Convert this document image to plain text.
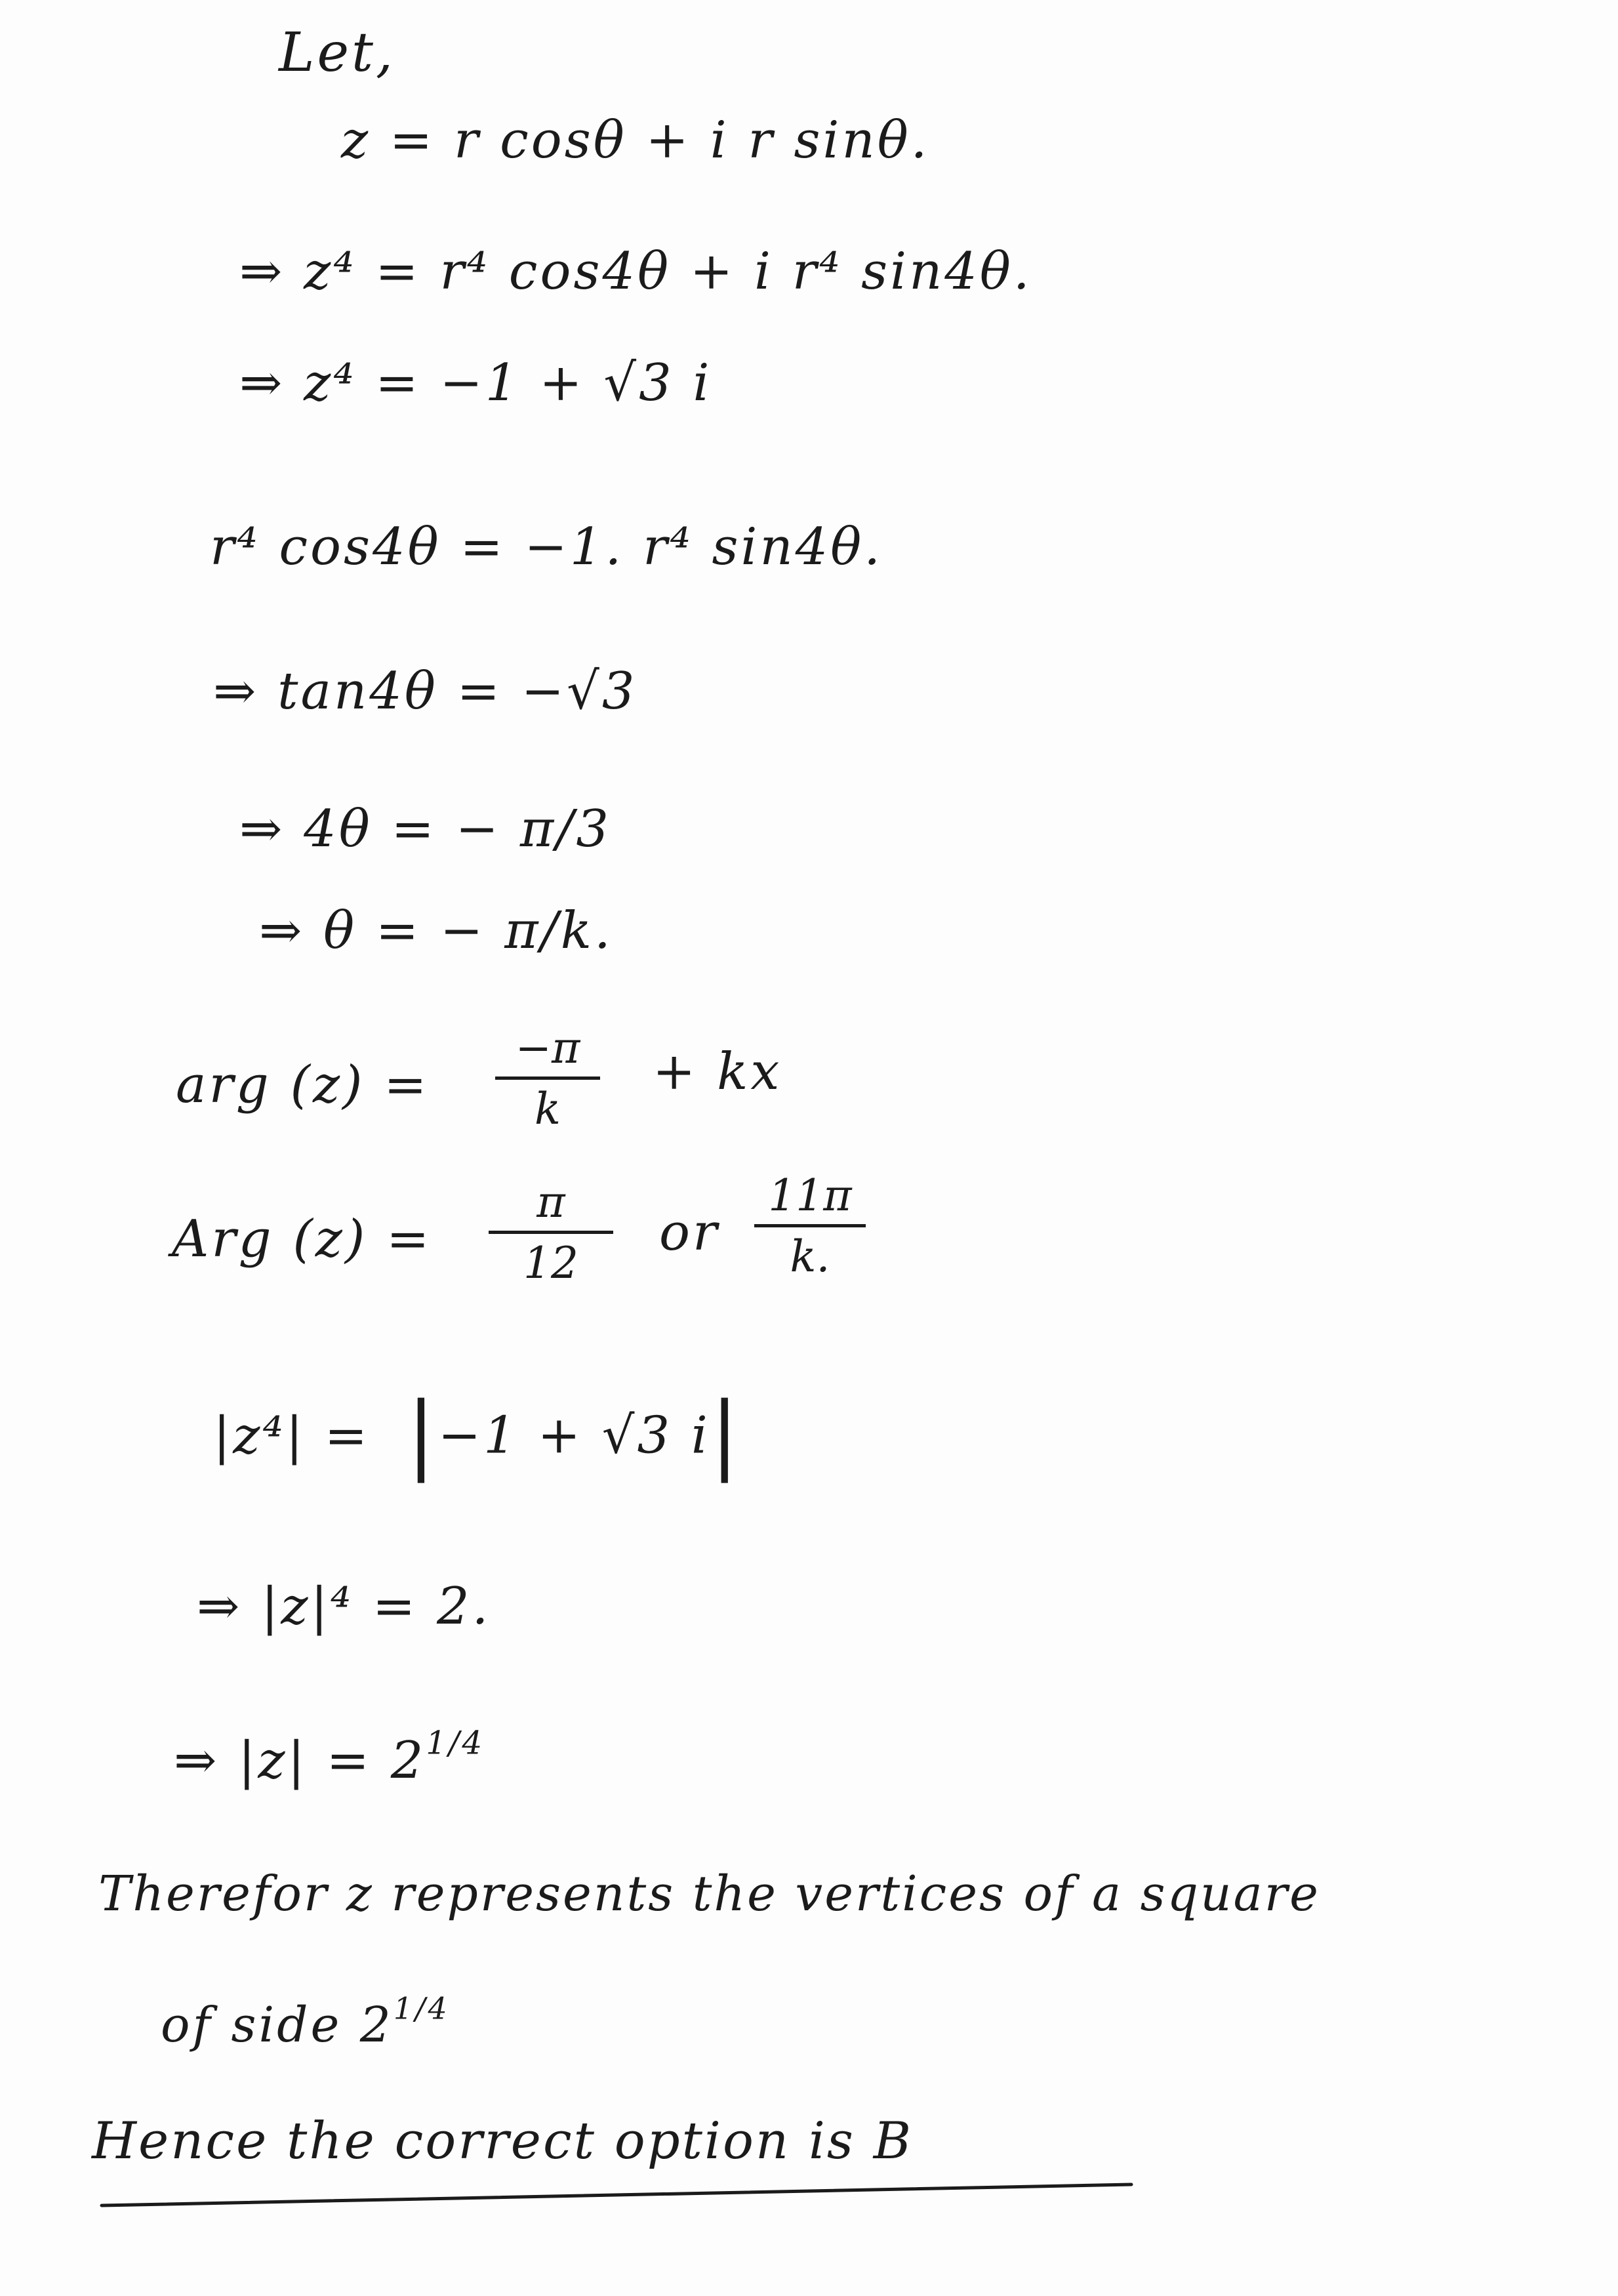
Let,
z = r cosθ + i r sinθ.
⇒ z⁴ = r⁴ cos4θ + i r⁴ sin4θ.
⇒ z⁴ = −1 + √3 i
r⁴ cos4θ = −1. r⁴ sin4θ.
⇒ tan4θ = −√3
⇒ 4θ = − π/3
⇒ θ = − π/k.
arg (z) =
−π
k
+ kx
Arg (z) =
π
12
or
11π
k.
|z⁴| = |−1 + √3 i|
⇒ |z|⁴ = 2.
⇒ $|z| = 2^{1/4}$
Therefor z represents the vertices of a square
of side $2^{1/4}$
Hence the correct option is B
